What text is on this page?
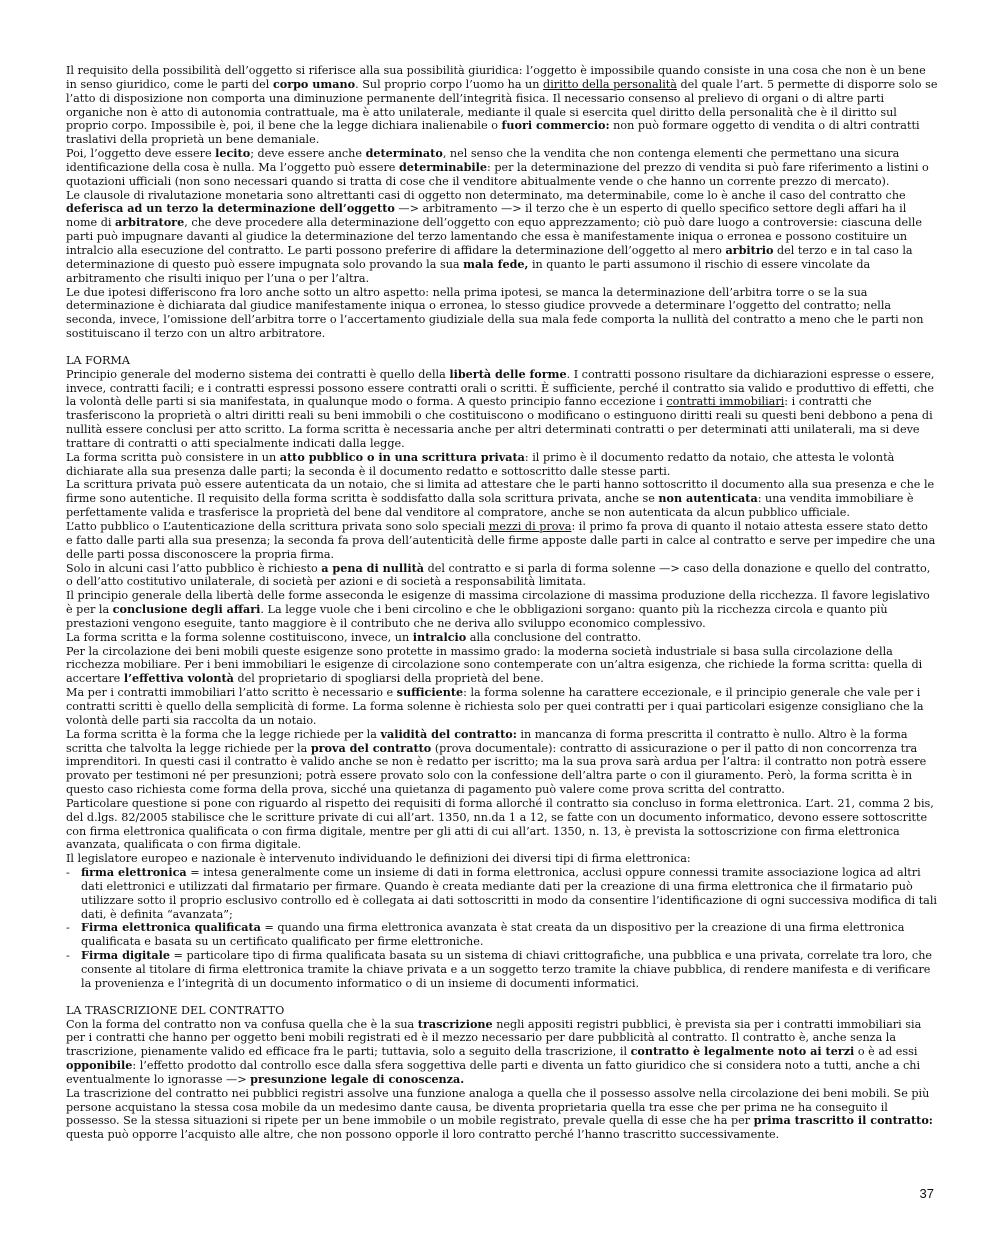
Il requisito della possibilità dell’oggetto si riferisce alla sua possibilità giuridica: l’oggetto è impossibile quando consiste in una cosa che non è un bene in senso giuridico, come le parti del corpo umano. Sul proprio corpo l’uomo ha un diritto della personalità del quale l’art. 5 permette di disporre solo se l’atto di disposizione non comporta una diminuzione permanente dell’integrità fisica. Il necessario consenso al prelievo di organi o di altre parti organiche non è atto di autonomia contrattuale, ma è atto unilaterale, mediante il quale si esercita quel diritto della personalità che è il diritto sul proprio corpo. Impossibile è, poi, il bene che la legge dichiara inalienabile o fuori commercio: non può formare oggetto di vendita o di altri contratti traslativi della proprietà un bene demaniale.

Poi, l’oggetto deve essere lecito; deve essere anche determinato, nel senso che la vendita che non contenga elementi che permettano una sicura identificazione della cosa è nulla. Ma l’oggetto può essere determinabile: per la determinazione del prezzo di vendita si può fare riferimento a listini o quotazioni ufficiali (non sono necessari quando si tratta di cose che il venditore abitualmente vende o che hanno un corrente prezzo di mercato).

Le clausole di rivalutazione monetaria sono altrettanti casi di oggetto non determinato, ma determinabile, come lo è anche il caso del contratto che deferisca ad un terzo la determinazione dell’oggetto —> arbitramento —> il terzo che è un esperto di quello specifico settore degli affari ha il nome di arbitratore, che deve procedere alla determinazione dell’oggetto con equo apprezzamento; ciò può dare luogo a controversie: ciascuna delle parti può impugnare davanti al giudice la determinazione del terzo lamentando che essa è manifestamente iniqua o erronea e possono costituire un intralcio alla esecuzione del contratto. Le parti possono preferire di affidare la determinazione dell’oggetto al mero arbitrio del terzo e in tal caso la determinazione di questo può essere impugnata solo provando la sua mala fede, in quanto le parti assumono il rischio di essere vincolate da arbitramento che risulti iniquo per l’una o per l’altra.

Le due ipotesi differiscono fra loro anche sotto un altro aspetto: nella prima ipotesi, se manca la determinazione dell’arbitra torre o se la sua determinazione è dichiarata dal giudice manifestamente iniqua o erronea, lo stesso giudice provvede a determinare l’oggetto del contratto; nella seconda, invece, l’omissione dell’arbitra torre o l’accertamento giudiziale della sua mala fede comporta la nullità del contratto a meno che le parti non sostituiscano il terzo con un altro arbitratore.

LA FORMA

Principio generale del moderno sistema dei contratti è quello della libertà delle forme. I contratti possono risultare da dichiarazioni espresse o essere, invece, contratti facili; e i contratti espressi possono essere contratti orali o scritti. È sufficiente, perché il contratto sia valido e produttivo di effetti, che la volontà delle parti si sia manifestata, in qualunque modo o forma. A questo principio fanno eccezione i contratti immobiliari: i contratti che trasferiscono la proprietà o altri diritti reali su beni immobili o che costituiscono o modificano o estinguono diritti reali su questi beni debbono a pena di nullità essere conclusi per atto scritto. La forma scritta è necessaria anche per altri determinati contratti o per determinati atti unilaterali, ma si deve trattare di contratti o atti specialmente indicati dalla legge.

La forma scritta può consistere in un atto pubblico o in una scrittura privata: il primo è il documento redatto da notaio, che attesta le volontà dichiarate alla sua presenza dalle parti; la seconda è il documento redatto e sottoscritto dalle stesse parti.

La scrittura privata può essere autenticata da un notaio, che si limita ad attestare che le parti hanno sottoscritto il documento alla sua presenza e che le firme sono autentiche. Il requisito della forma scritta è soddisfatto dalla sola scrittura privata, anche se non autenticata: una vendita immobiliare è perfettamente valida e trasferisce la proprietà del bene dal venditore al compratore, anche se non autenticata da alcun pubblico ufficiale.

L’atto pubblico o L’autenticazione della scrittura privata sono solo speciali mezzi di prova: il primo fa prova di quanto il notaio attesta essere stato detto e fatto dalle parti alla sua presenza; la seconda fa prova dell’autenticità delle firme apposte dalle parti in calce al contratto e serve per impedire che una delle parti possa disconoscere la propria firma.

Solo in alcuni casi l’atto pubblico è richiesto a pena di nullità del contratto e si parla di forma solenne —> caso della donazione e quello del contratto, o dell’atto costitutivo unilaterale, di società per azioni e di società a responsabilità limitata.

Il principio generale della libertà delle forme asseconda le esigenze di massima circolazione di massima produzione della ricchezza. Il favore legislativo è per la conclusione degli affari. La legge vuole che i beni circolino e che le obbligazioni sorgano: quanto più la ricchezza circola e quanto più prestazioni vengono eseguite, tanto maggiore è il contributo che ne deriva allo sviluppo economico complessivo.

La forma scritta e la forma solenne costituiscono, invece, un intralcio alla conclusione del contratto.

Per la circolazione dei beni mobili queste esigenze sono protette in massimo grado: la moderna società industriale si basa sulla circolazione della ricchezza mobiliare. Per i beni immobiliari le esigenze di circolazione sono contemperate con un’altra esigenza, che richiede la forma scritta: quella di accertare l’effettiva volontà del proprietario di spogliarsi della proprietà del bene.

Ma per i contratti immobiliari l’atto scritto è necessario e sufficiente: la forma solenne ha carattere eccezionale, e il principio generale che vale per i contratti scritti è quello della semplicità di forme. La forma solenne è richiesta solo per quei contratti per i quai particolari esigenze consigliano che la volontà delle parti sia raccolta da un notaio.

La forma scritta è la forma che la legge richiede per la validità del contratto: in mancanza di forma prescritta il contratto è nullo. Altro è la forma scritta che talvolta la legge richiede per la prova del contratto (prova documentale): contratto di assicurazione o per il patto di non concorrenza tra imprenditori. In questi casi il contratto è valido anche se non è redatto per iscritto; ma la sua prova sarà ardua per l’altra: il contratto non potrà essere provato per testimoni né per presunzioni; potrà essere provato solo con la confessione dell’altra parte o con il giuramento. Però, la forma scritta è in questo caso richiesta come forma della prova, sicché una quietanza di pagamento può valere come prova scritta del contratto.

Particolare questione si pone con riguardo al rispetto dei requisiti di forma allorché il contratto sia concluso in forma elettronica. L’art. 21, comma 2 bis, del d.lgs. 82/2005 stabilisce che le scritture private di cui all’art. 1350, nn.da 1 a 12, se fatte con un documento informatico, devono essere sottoscritte con firma elettronica qualificata o con firma digitale, mentre per gli atti di cui all’art. 1350, n. 13, è prevista la sottoscrizione con firma elettronica avanzata, qualificata o con firma digitale.

Il legislatore europeo e nazionale è intervenuto individuando le definizioni dei diversi tipi di firma elettronica:

- firma elettronica = intesa generalmente come un insieme di dati in forma elettronica, acclusi oppure connessi tramite associazione logica ad altri dati elettronici e utilizzati dal firmatario per firmare. Quando è creata mediante dati per la creazione di una firma elettronica che il firmatario può utilizzare sotto il proprio esclusivo controllo ed è collegata ai dati sottoscritti in modo da consentire l’identificazione di ogni successiva modifica di tali dati, è definita “avanzata”;
- Firma elettronica qualificata = quando una firma elettronica avanzata è stat creata da un dispositivo per la creazione di una firma elettronica qualificata e basata su un certificato qualificato per firme elettroniche.
- Firma digitale = particolare tipo di firma qualificata basata su un sistema di chiavi crittografiche, una pubblica e una privata, correlate tra loro, che consente al titolare di firma elettronica tramite la chiave privata e a un soggetto terzo tramite la chiave pubblica, di rendere manifesta e di verificare la provenienza e l’integrità di un documento informatico o di un insieme di documenti informatici.

LA TRASCRIZIONE DEL CONTRATTO

Con la forma del contratto non va confusa quella che è la sua trascrizione negli appositi registri pubblici, è prevista sia per i contratti immobiliari sia per i contratti che hanno per oggetto beni mobili registrati ed è il mezzo necessario per dare pubblicità al contratto. Il contratto è, anche senza la trascrizione, pienamente valido ed efficace fra le parti; tuttavia, solo a seguito della trascrizione, il contratto è legalmente noto ai terzi o è ad essi opponibile: l’effetto prodotto dal controllo esce dalla sfera soggettiva delle parti e diventa un fatto giuridico che si considera noto a tutti, anche a chi eventualmente lo ignorasse —> presunzione legale di conoscenza.

La trascrizione del contratto nei pubblici registri assolve una funzione analoga a quella che il possesso assolve nella circolazione dei beni mobili. Se più persone acquistano la stessa cosa mobile da un medesimo dante causa, be diventa proprietaria quella tra esse che per prima ne ha conseguito il possesso. Se la stessa situazioni si ripete per un bene immobile o un mobile registrato, prevale quella di esse che ha per prima trascritto il contratto: questa può opporre l’acquisto alle altre, che non possono opporle il loro contratto perché l’hanno trascritto successivamente.

37
